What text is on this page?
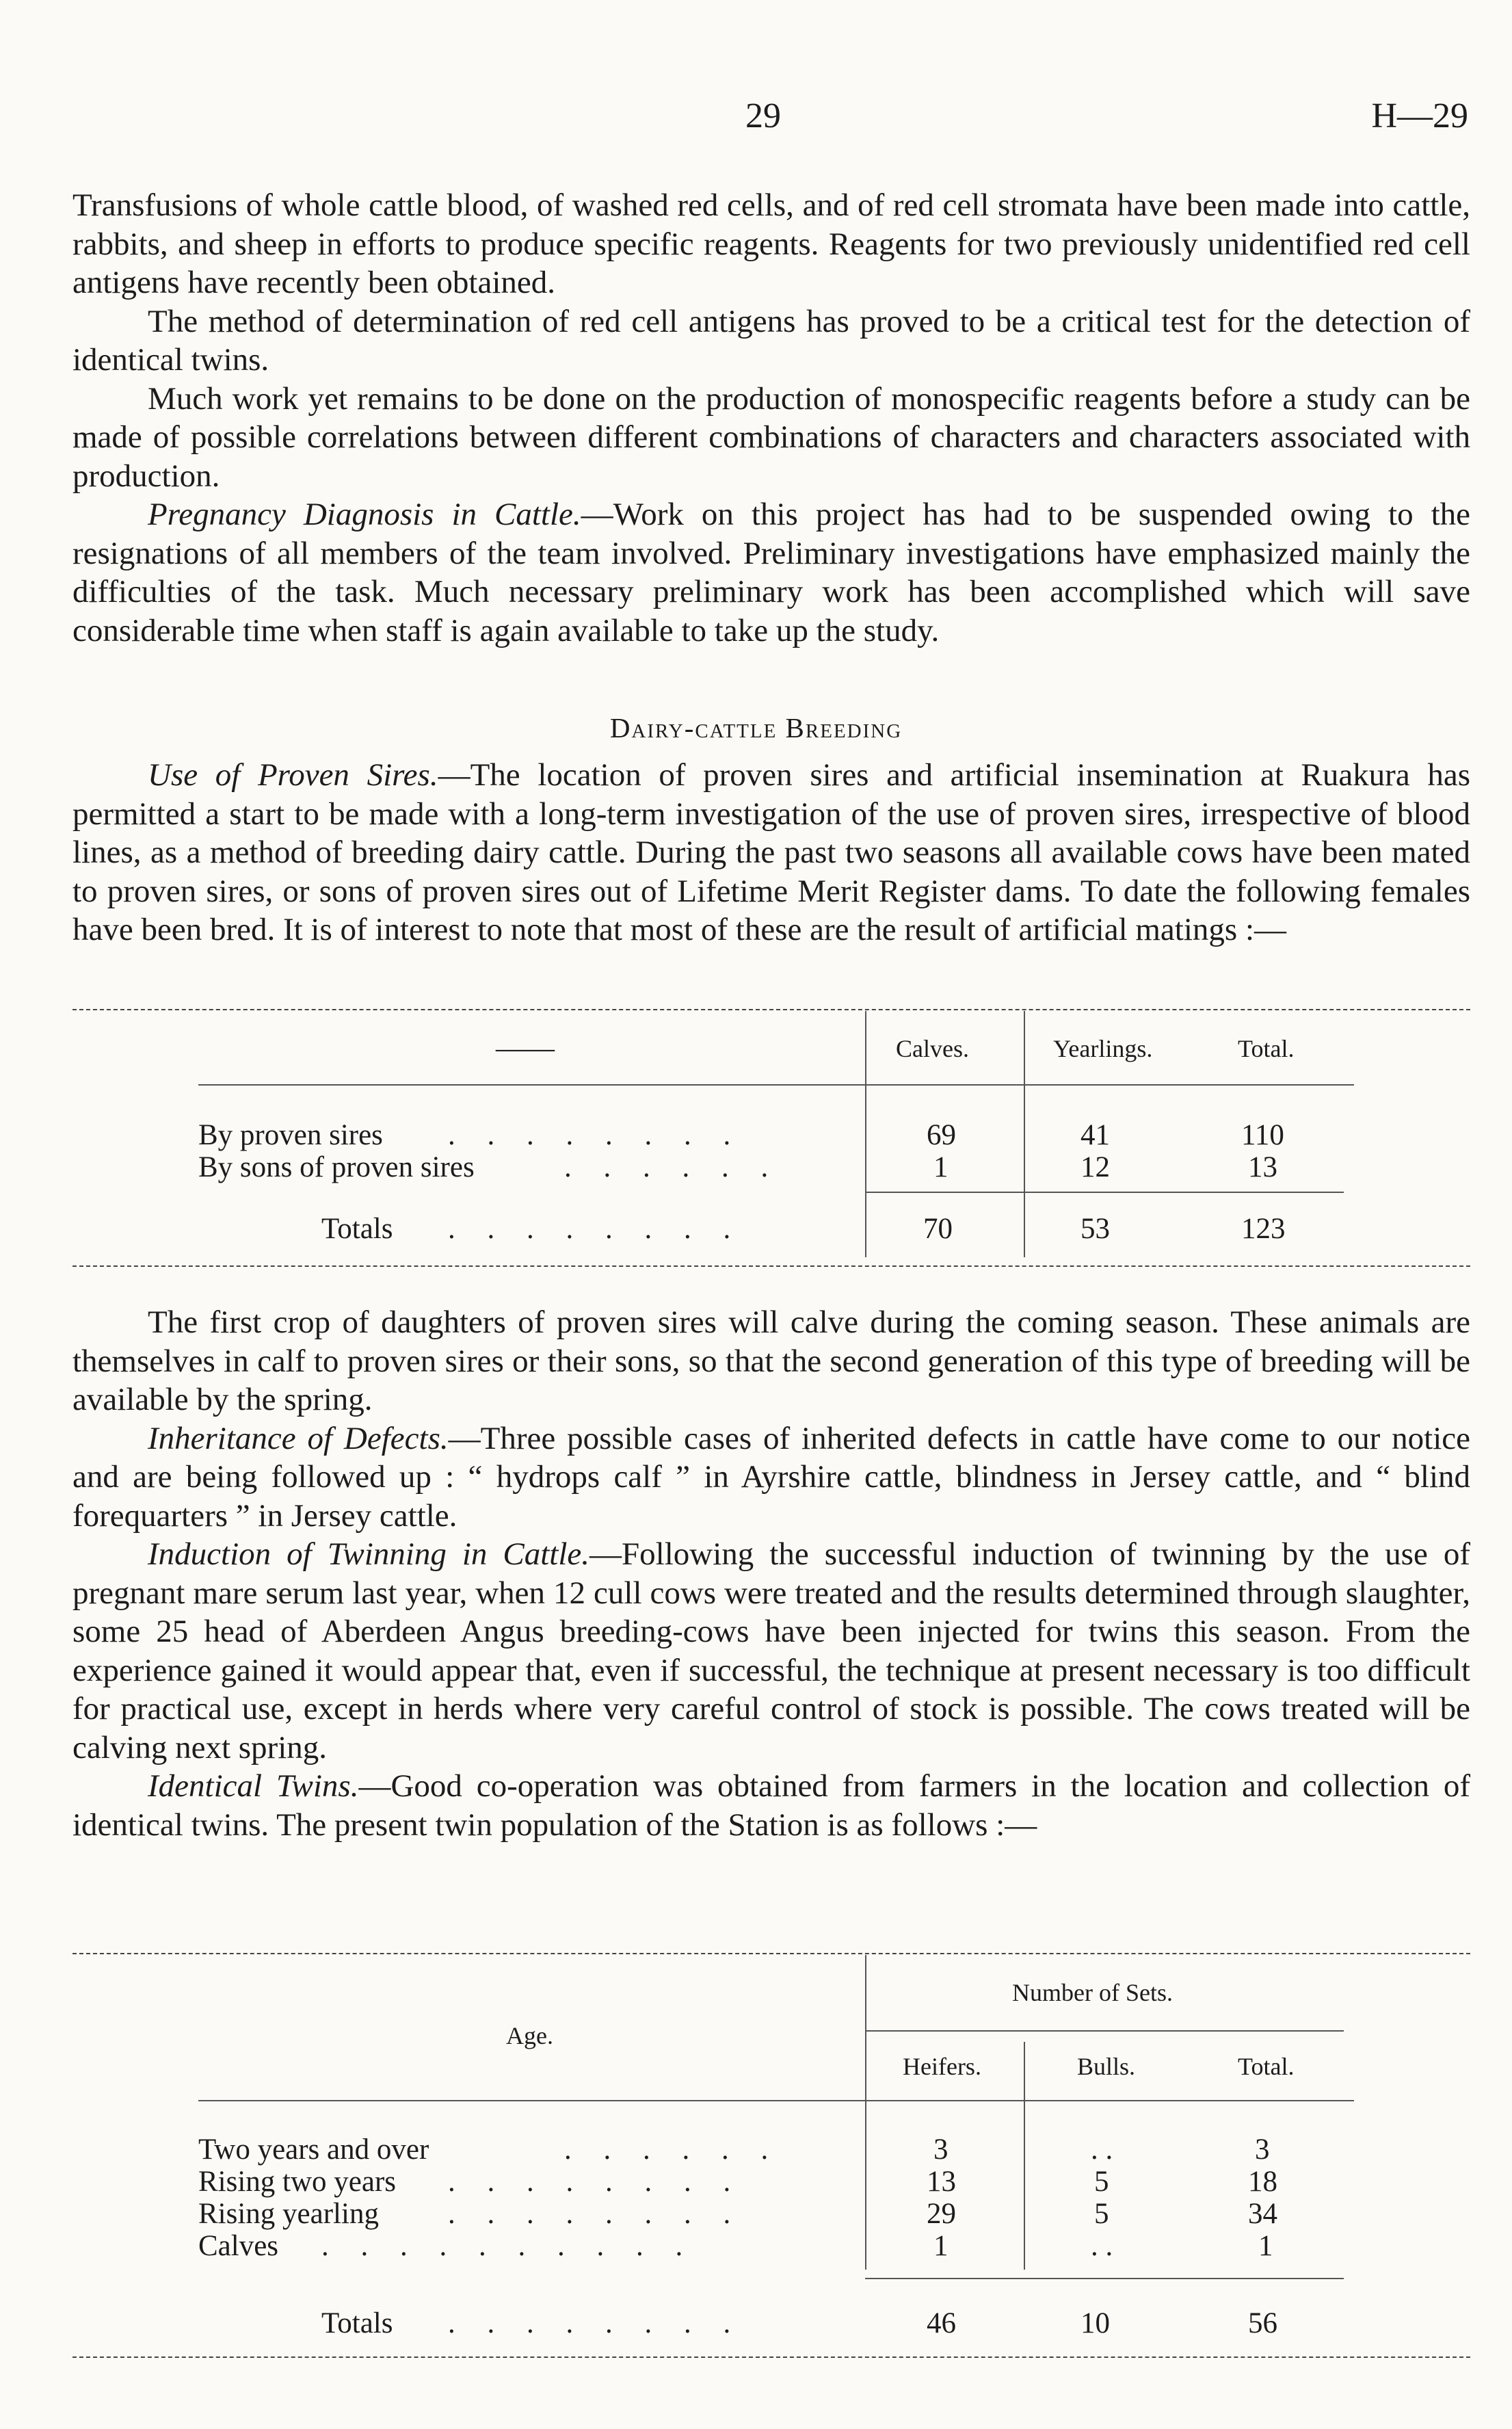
29	H—29

Transfusions of whole cattle blood, of washed red cells, and of red cell stromata have been made into cattle, rabbits, and sheep in efforts to produce specific reagents. Reagents for two previously unidentified red cell antigens have recently been obtained.

The method of determination of red cell antigens has proved to be a critical test for the detection of identical twins.

Much work yet remains to be done on the production of monospecific reagents before a study can be made of possible correlations between different combinations of characters and characters associated with production.

Pregnancy Diagnosis in Cattle.—Work on this project has had to be suspended owing to the resignations of all members of the team involved. Preliminary investigations have emphasized mainly the difficulties of the task. Much necessary preliminary work has been accomplished which will save considerable time when staff is again available to take up the study.

Dairy-cattle Breeding

Use of Proven Sires.—The location of proven sires and artificial insemination at Ruakura has permitted a start to be made with a long-term investigation of the use of proven sires, irrespective of blood lines, as a method of breeding dairy cattle. During the past two seasons all available cows have been mated to proven sires, or sons of proven sires out of Lifetime Merit Register dams. To date the following females have been bred. It is of interest to note that most of these are the result of artificial matings :—

——	Calves.	Yearlings.	Total.
By proven sires . . . . . . . .	69	41	110
By sons of proven sires	. . . . . .	1	12	13
Totals . . . . . . . .	70	53	123

The first crop of daughters of proven sires will calve during the coming season. These animals are themselves in calf to proven sires or their sons, so that the second generation of this type of breeding will be available by the spring.

Inheritance of Defects.—Three possible cases of inherited defects in cattle have come to our notice and are being followed up : “ hydrops calf ” in Ayrshire cattle, blindness in Jersey cattle, and “ blind forequarters ” in Jersey cattle.

Induction of Twinning in Cattle.—Following the successful induction of twinning by the use of pregnant mare serum last year, when 12 cull cows were treated and the results determined through slaughter, some 25 head of Aberdeen Angus breeding-cows have been injected for twins this season. From the experience gained it would appear that, even if successful, the technique at present necessary is too difficult for practical use, except in herds where very careful control of stock is possible. The cows treated will be calving next spring.

Identical Twins.—Good co-operation was obtained from farmers in the location and collection of identical twins. The present twin population of the Station is as follows :—

Age.
Number of Sets.
Heifers.	Bulls.	Total.
Two years and over	. . . . . .	3	. .	3
Rising two years . . . . . . . .	13	5	18
Rising yearling . . . . . . . .	29	5	34
Calves . . . . . . . . . .	1	. .	1
Totals . . . . . . . .	46	10	56
